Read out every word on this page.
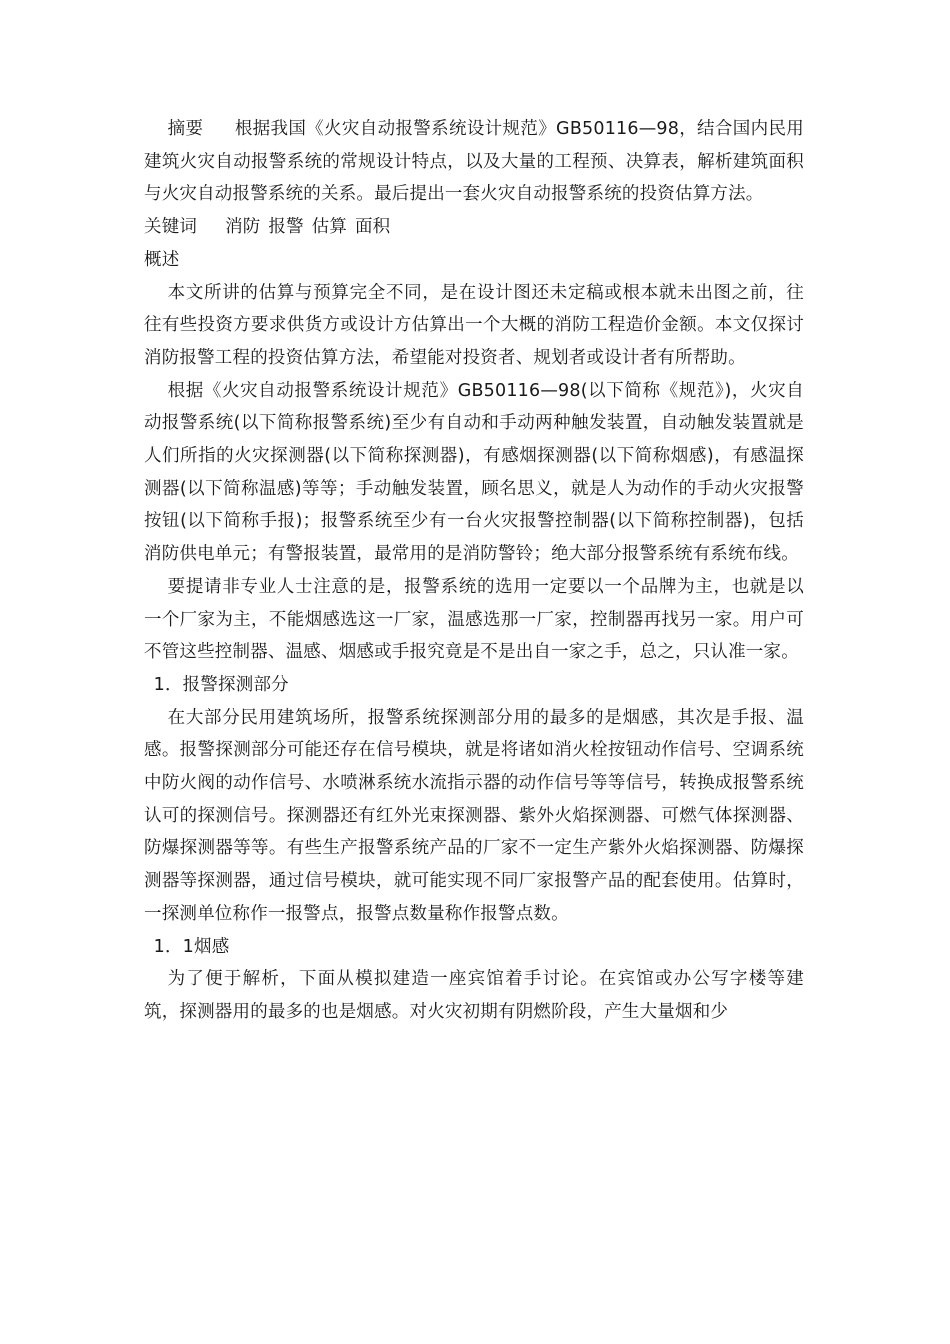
摘要 根据我国《火灾自动报警系统设计规范》GB50116—98，结合国内民用建筑火灾自动报警系统的常规设计特点，以及大量的工程预、决算表，解析建筑面积与火灾自动报警系统的关系。最后提出一套火灾自动报警系统的投资估算方法。

关键词 消防 报警 估算 面积

概述

本文所讲的估算与预算完全不同，是在设计图还未定稿或根本就未出图之前，往往有些投资方要求供货方或设计方估算出一个大概的消防工程造价金额。本文仅探讨消防报警工程的投资估算方法，希望能对投资者、规划者或设计者有所帮助。

根据《火灾自动报警系统设计规范》GB50116—98(以下简称《规范》)，火灾自动报警系统(以下简称报警系统)至少有自动和手动两种触发装置，自动触发装置就是人们所指的火灾探测器(以下简称探测器)，有感烟探测器(以下简称烟感)，有感温探测器(以下简称温感)等等；手动触发装置，顾名思义，就是人为动作的手动火灾报警按钮(以下简称手报)；报警系统至少有一台火灾报警控制器(以下简称控制器)，包括消防供电单元；有警报装置，最常用的是消防警铃；绝大部分报警系统有系统布线。

要提请非专业人士注意的是，报警系统的选用一定要以一个品牌为主，也就是以一个厂家为主，不能烟感选这一厂家，温感选那一厂家，控制器再找另一家。用户可不管这些控制器、温感、烟感或手报究竟是不是出自一家之手，总之，只认准一家。

1．报警探测部分

在大部分民用建筑场所，报警系统探测部分用的最多的是烟感，其次是手报、温感。报警探测部分可能还存在信号模块，就是将诸如消火栓按钮动作信号、空调系统中防火阀的动作信号、水喷淋系统水流指示器的动作信号等等信号，转换成报警系统认可的探测信号。探测器还有红外光束探测器、紫外火焰探测器、可燃气体探测器、防爆探测器等等。有些生产报警系统产品的厂家不一定生产紫外火焰探测器、防爆探测器等探测器，通过信号模块，就可能实现不同厂家报警产品的配套使用。估算时，一探测单位称作一报警点，报警点数量称作报警点数。

1．1烟感

为了便于解析，下面从模拟建造一座宾馆着手讨论。在宾馆或办公写字楼等建筑，探测器用的最多的也是烟感。对火灾初期有阴燃阶段，产生大量烟和少
